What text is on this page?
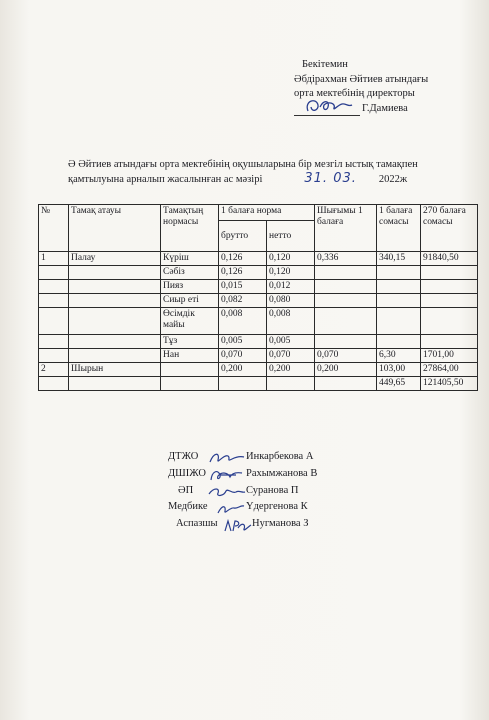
Бекітемин
Әбдірахман Әйтиев атындағы
орта мектебінің директоры
Г.Дамиева
Ә Әйтиев атындағы орта мектебінің оқушыларына бір мезгіл ыстық тамақпен
қамтылуына арналып жасалынған ас мәзірі	31. 03. 2022ж
№	Тамақ атауы	Тамақтың нормасы	1 балаға норма		Шығымы 1 балаға	1 балаға сомасы	270 балаға сомасы
			брутто	нетто			
1	Палау	Күріш	0,126	0,120	0,336	340,15	91840,50
		Сәбіз	0,126	0,120			
		Пияз	0,015	0,012			
		Сиыр еті	0,082	0,080			
		Өсімдік майы	0,008	0,008			
		Тұз	0,005	0,005			
		Нан	0,070	0,070	0,070	6,30	1701,00
2	Шырын		0,200	0,200	0,200	103,00	27864,00
						449,65	121405,50
ДТЖО	Инкарбекова А
ДШІЖО	Рахымжанова В
ӘП	Суранова П
Медбике	Үдергенова К
Аспазшы	Нугманова З
